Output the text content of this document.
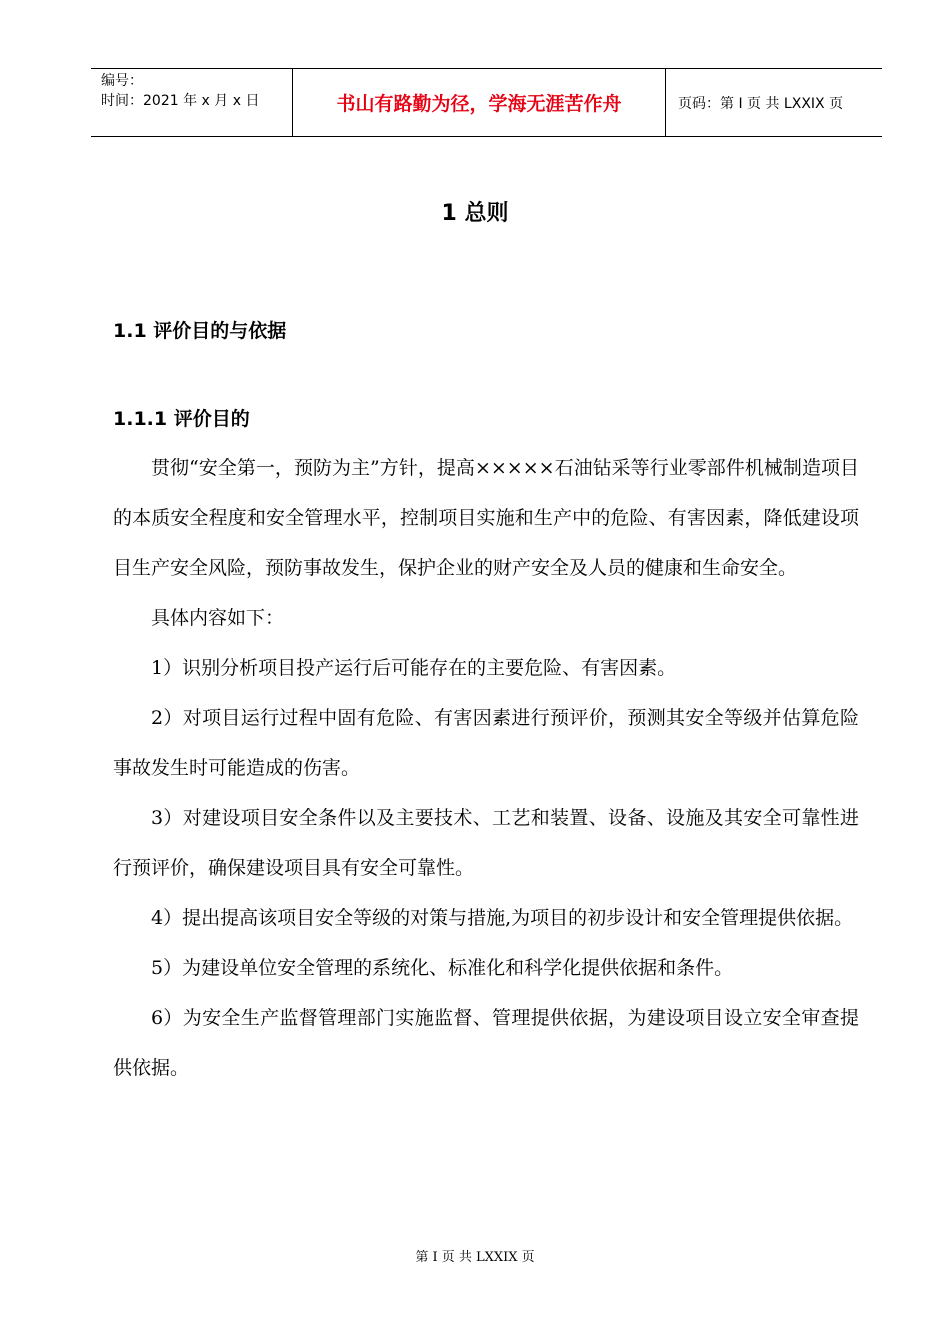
编号：
时间：2021 年 x 月 x 日	书山有路勤为径，学海无涯苦作舟	页码：第 I 页 共 LXXIX 页
1 总则
1.1 评价目的与依据
1.1.1 评价目的

贯彻“安全第一，预防为主”方针，提高×××××石油钻采等行业零部件机械制造项目的本质安全程度和安全管理水平，控制项目实施和生产中的危险、有害因素，降低建设项目生产安全风险，预防事故发生，保护企业的财产安全及人员的健康和生命安全。

具体内容如下：

1）识别分析项目投产运行后可能存在的主要危险、有害因素。

2）对项目运行过程中固有危险、有害因素进行预评价，预测其安全等级并估算危险事故发生时可能造成的伤害。

3）对建设项目安全条件以及主要技术、工艺和装置、设备、设施及其安全可靠性进行预评价，确保建设项目具有安全可靠性。

4）提出提高该项目安全等级的对策与措施,为项目的初步设计和安全管理提供依据。

5）为建设单位安全管理的系统化、标准化和科学化提供依据和条件。

6）为安全生产监督管理部门实施监督、管理提供依据，为建设项目设立安全审查提供依据。

第 I 页 共 LXXIX 页
